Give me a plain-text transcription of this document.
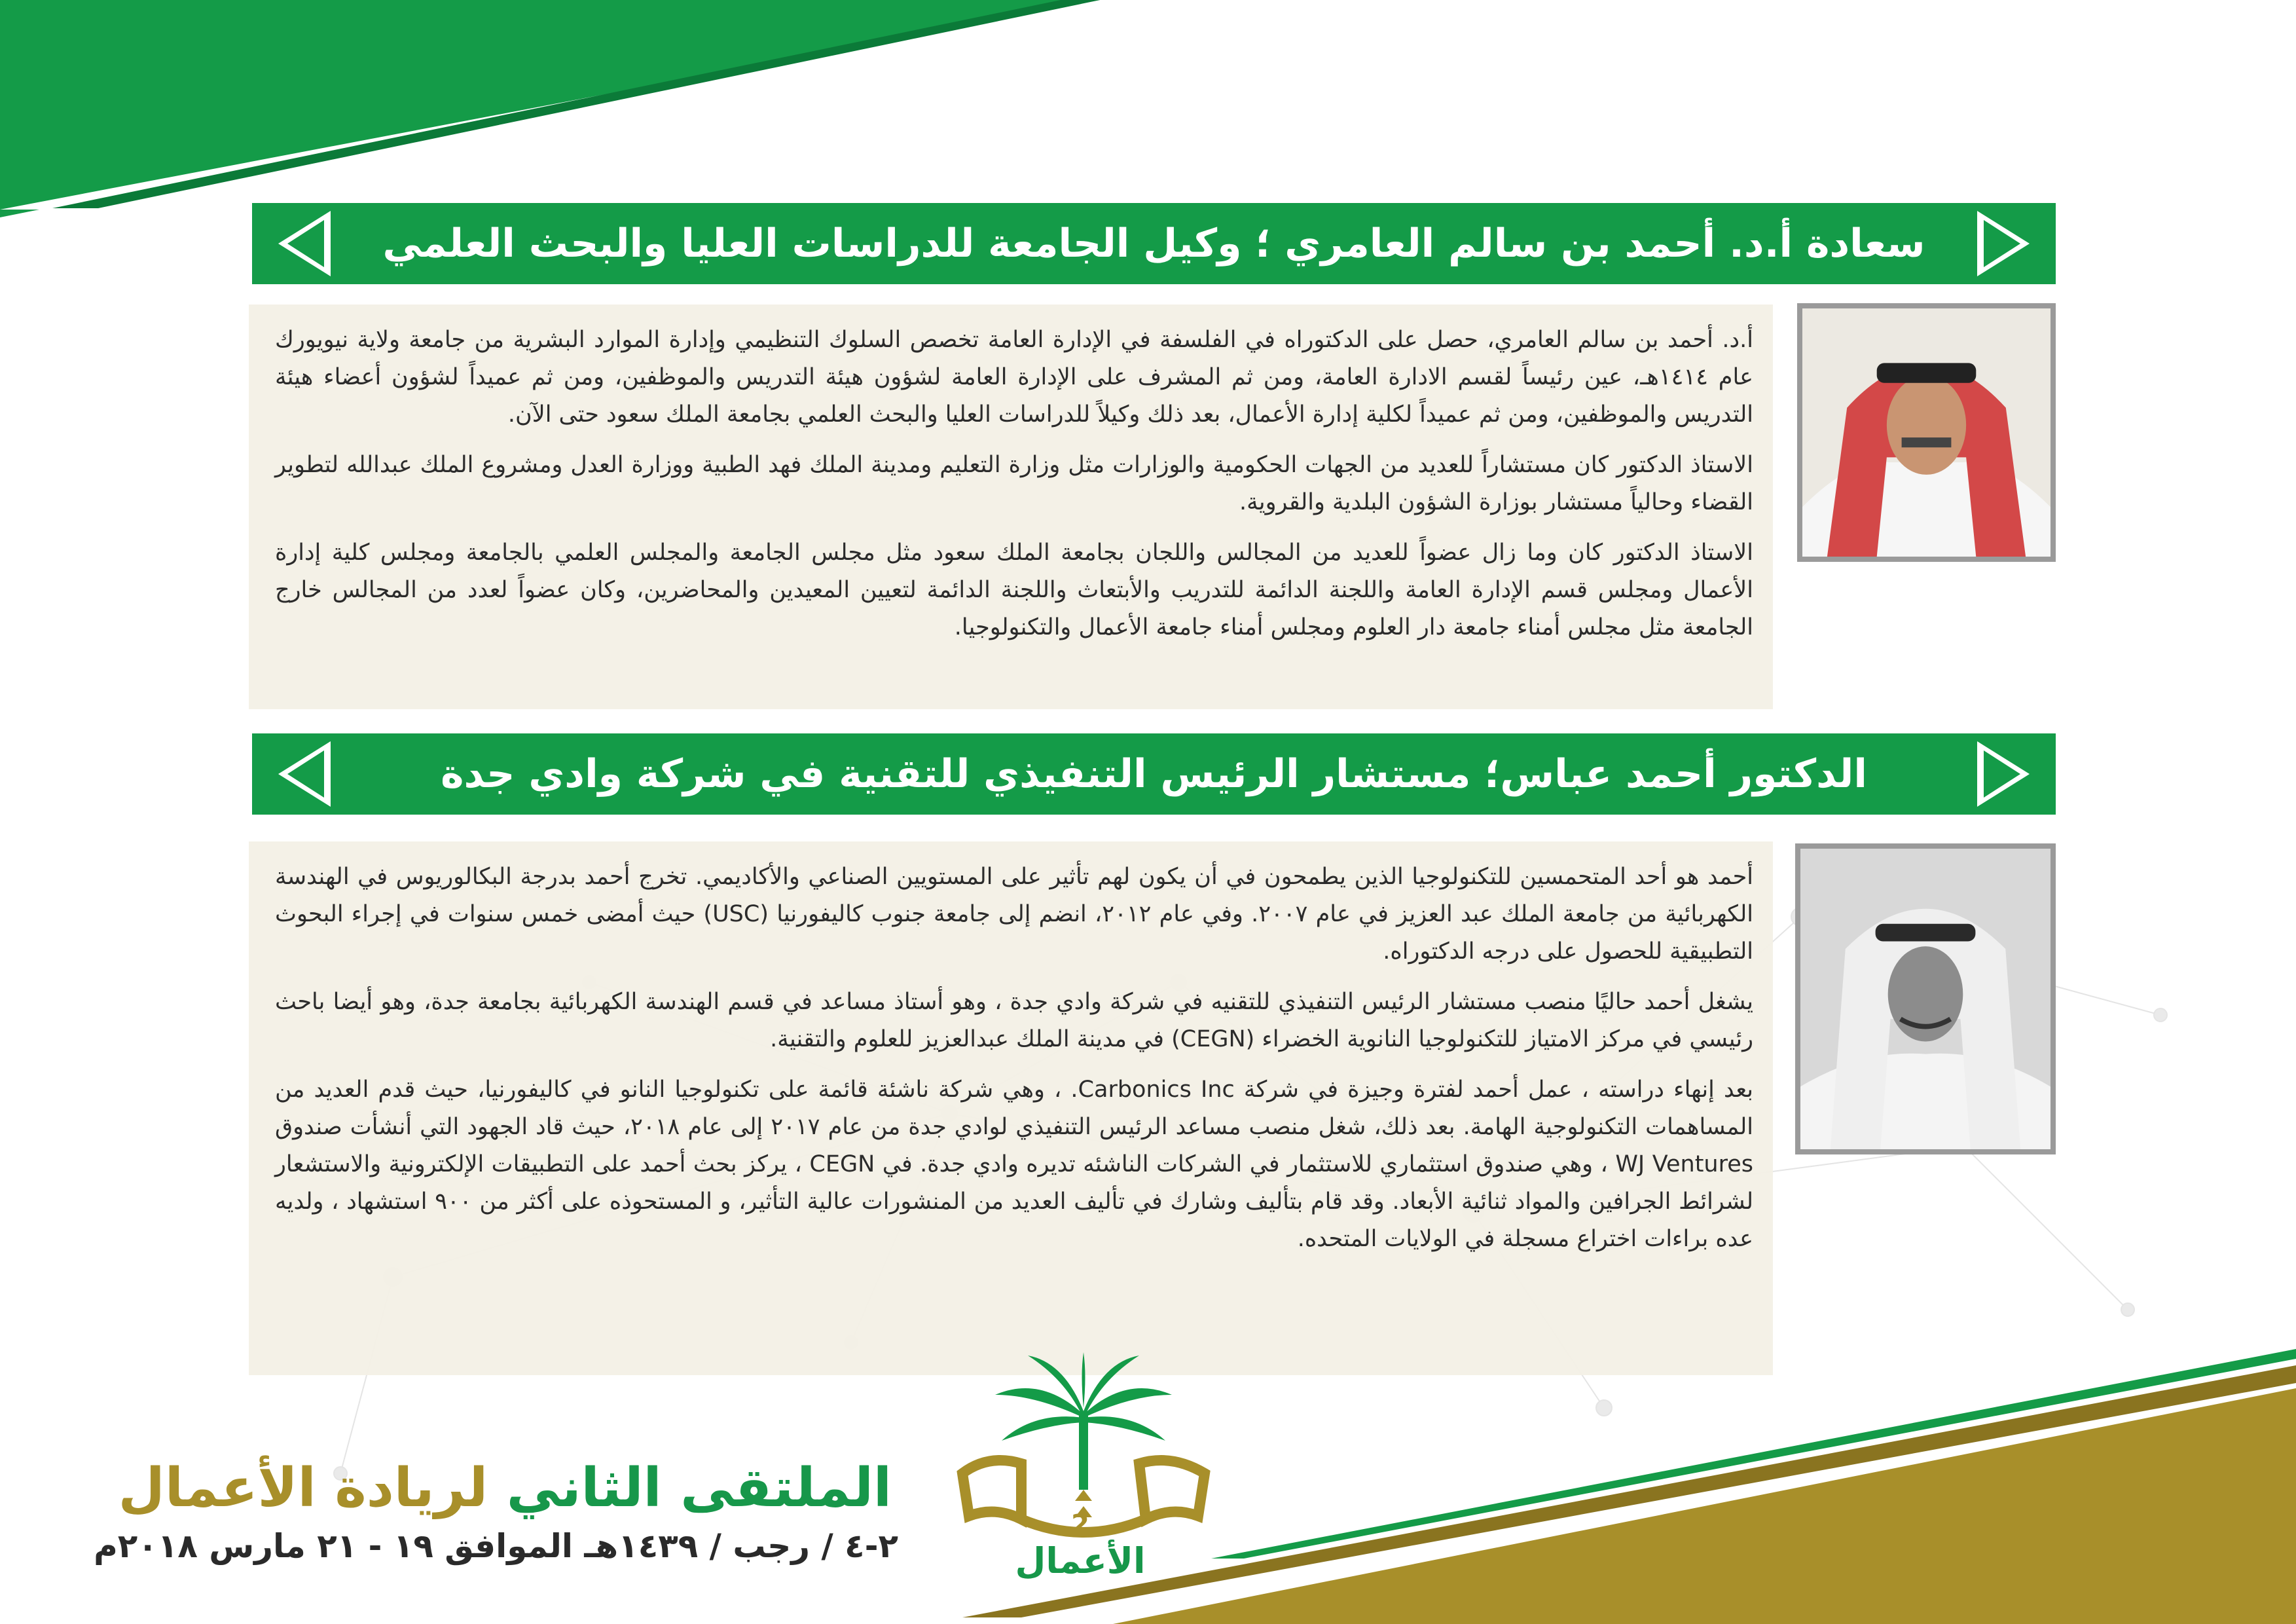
سعادة أ.د. أحمد بن سالم العامري ؛ وكيل الجامعة للدراسات العليا والبحث العلمي

أ.د. أحمد بن سالم العامري، حصل على الدكتوراه في الفلسفة في الإدارة العامة تخصص السلوك التنظيمي وإدارة الموارد البشرية من جامعة ولاية نيويورك عام ١٤١٤هـ، عين رئيساً لقسم الادارة العامة، ومن ثم المشرف على الإدارة العامة لشؤون هيئة التدريس والموظفين، ومن ثم عميداً لشؤون أعضاء هيئة التدريس والموظفين، ومن ثم عميداً لكلية إدارة الأعمال، بعد ذلك وكيلاً للدراسات العليا والبحث العلمي بجامعة الملك سعود حتى الآن.

الاستاذ الدكتور كان مستشاراً للعديد من الجهات الحكومية والوزارات مثل وزارة التعليم ومدينة الملك فهد الطبية ووزارة العدل ومشروع الملك عبدالله لتطوير القضاء وحالياً مستشار بوزارة الشؤون البلدية والقروية.

الاستاذ الدكتور كان وما زال عضواً للعديد من المجالس واللجان بجامعة الملك سعود مثل مجلس الجامعة والمجلس العلمي بالجامعة ومجلس كلية إدارة الأعمال ومجلس قسم الإدارة العامة واللجنة الدائمة للتدريب والأبتعاث واللجنة الدائمة لتعيين المعيدين والمحاضرين، وكان عضواً لعدد من المجالس خارج الجامعة مثل مجلس أمناء جامعة دار العلوم ومجلس أمناء جامعة الأعمال والتكنولوجيا.

الدكتور أحمد عباس؛ مستشار الرئيس التنفيذي للتقنية في شركة وادي جدة

أحمد هو أحد المتحمسين للتكنولوجيا الذين يطمحون في أن يكون لهم تأثير على المستويين الصناعي والأكاديمي. تخرج أحمد بدرجة البكالوريوس في الهندسة الكهربائية من جامعة الملك عبد العزيز في عام ٢٠٠٧. وفي عام ٢٠١٢، انضم إلى جامعة جنوب كاليفورنيا (USC) حيث أمضى خمس سنوات في إجراء البحوث التطبيقية للحصول على درجه الدكتوراه.

يشغل أحمد حاليًا منصب مستشار الرئيس التنفيذي للتقنيه في شركة وادي جدة ، وهو أستاذ مساعد في قسم الهندسة الكهربائية بجامعة جدة، وهو أيضا باحث رئيسي في مركز الامتياز للتكنولوجيا النانوية الخضراء (CEGN) في مدينة الملك عبدالعزيز للعلوم والتقنية.

بعد إنهاء دراسته ، عمل أحمد لفترة وجيزة في شركة Carbonics Inc. ، وهي شركة ناشئة قائمة على تكنولوجيا النانو في كاليفورنيا، حيث قدم العديد من المساهمات التكنولوجية الهامة. بعد ذلك، شغل منصب مساعد الرئيس التنفيذي لوادي جدة من عام ٢٠١٧ إلى عام ٢٠١٨، حيث قاد الجهود التي أنشأت صندوق WJ Ventures ، وهي صندوق استثماري للاستثمار في الشركات الناشئه تديره وادي جدة. في CEGN ، يركز بحث أحمد على التطبيقات الإلكترونية والاستشعار لشرائط الجرافين والمواد ثنائية الأبعاد. وقد قام بتأليف وشارك في تأليف العديد من المنشورات عالية التأثير، و المستحوذه على أكثر من ٩٠٠ استشهاد ، ولديه عده براءات اختراع مسجلة في الولايات المتحده.

الملتقى الثاني لريادة الأعمال
٢-٤ / رجب / ١٤٣٩هـ الموافق ١٩ - ٢١ مارس ٢٠١٨م
2
الأعمال
